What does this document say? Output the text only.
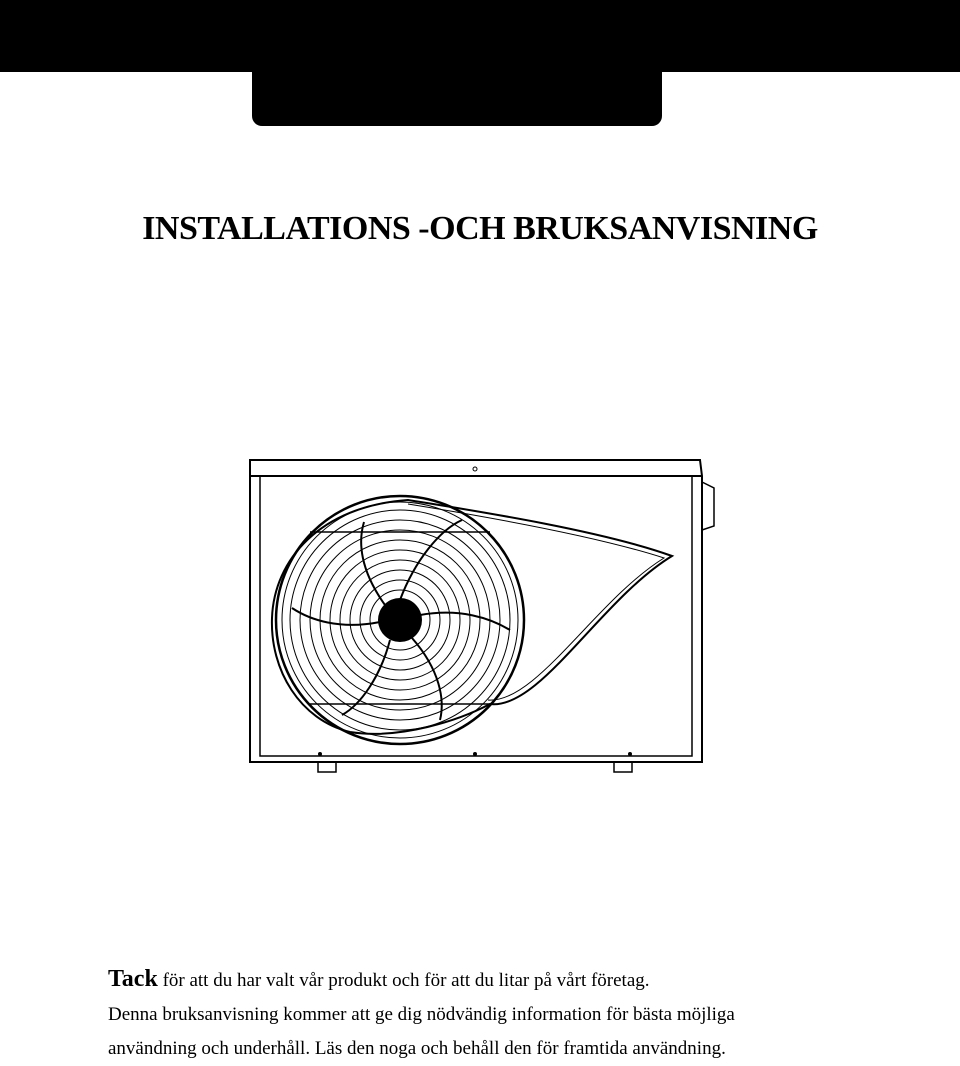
INSTALLATIONS -OCH BRUKSANVISNING

Tack för att du har valt vår produkt och för att du litar på vårt företag.

Denna bruksanvisning kommer att ge dig nödvändig information för bästa möjliga

användning och underhåll. Läs den noga och behåll den för framtida användning.
